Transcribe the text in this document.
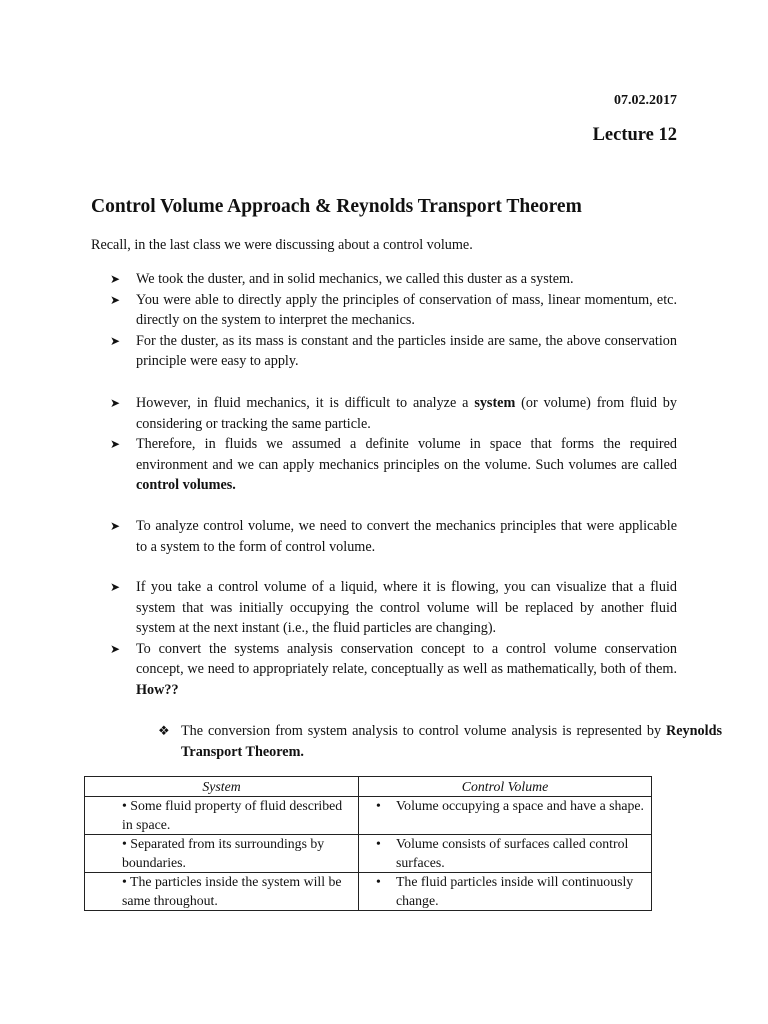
07.02.2017
Lecture 12
Control Volume Approach & Reynolds Transport Theorem
Recall, in the last class we were discussing about a control volume.
➤ We took the duster, and in solid mechanics, we called this duster as a system.
➤ You were able to directly apply the principles of conservation of mass, linear momentum, etc. directly on the system to interpret the mechanics.
➤ For the duster, as its mass is constant and the particles inside are same, the above conservation principle were easy to apply.
➤ However, in fluid mechanics, it is difficult to analyze a system (or volume) from fluid by considering or tracking the same particle.
➤ Therefore, in fluids we assumed a definite volume in space that forms the required environment and we can apply mechanics principles on the volume. Such volumes are called control volumes.
➤ To analyze control volume, we need to convert the mechanics principles that were applicable to a system to the form of control volume.
➤ If you take a control volume of a liquid, where it is flowing, you can visualize that a fluid system that was initially occupying the control volume will be replaced by another fluid system at the next instant (i.e., the fluid particles are changing).
➤ To convert the systems analysis conservation concept to a control volume conservation concept, we need to appropriately relate, conceptually as well as mathematically, both of them. How??
❖ The conversion from system analysis to control volume analysis is represented by Reynolds Transport Theorem.
System	Control Volume
• Some fluid property of fluid described in space.	• Volume occupying a space and have a shape.

• Separated from its surroundings by boundaries.	• Volume consists of surfaces called control surfaces.

• The particles inside the system will be same throughout.	• The fluid particles inside will continuously change.
